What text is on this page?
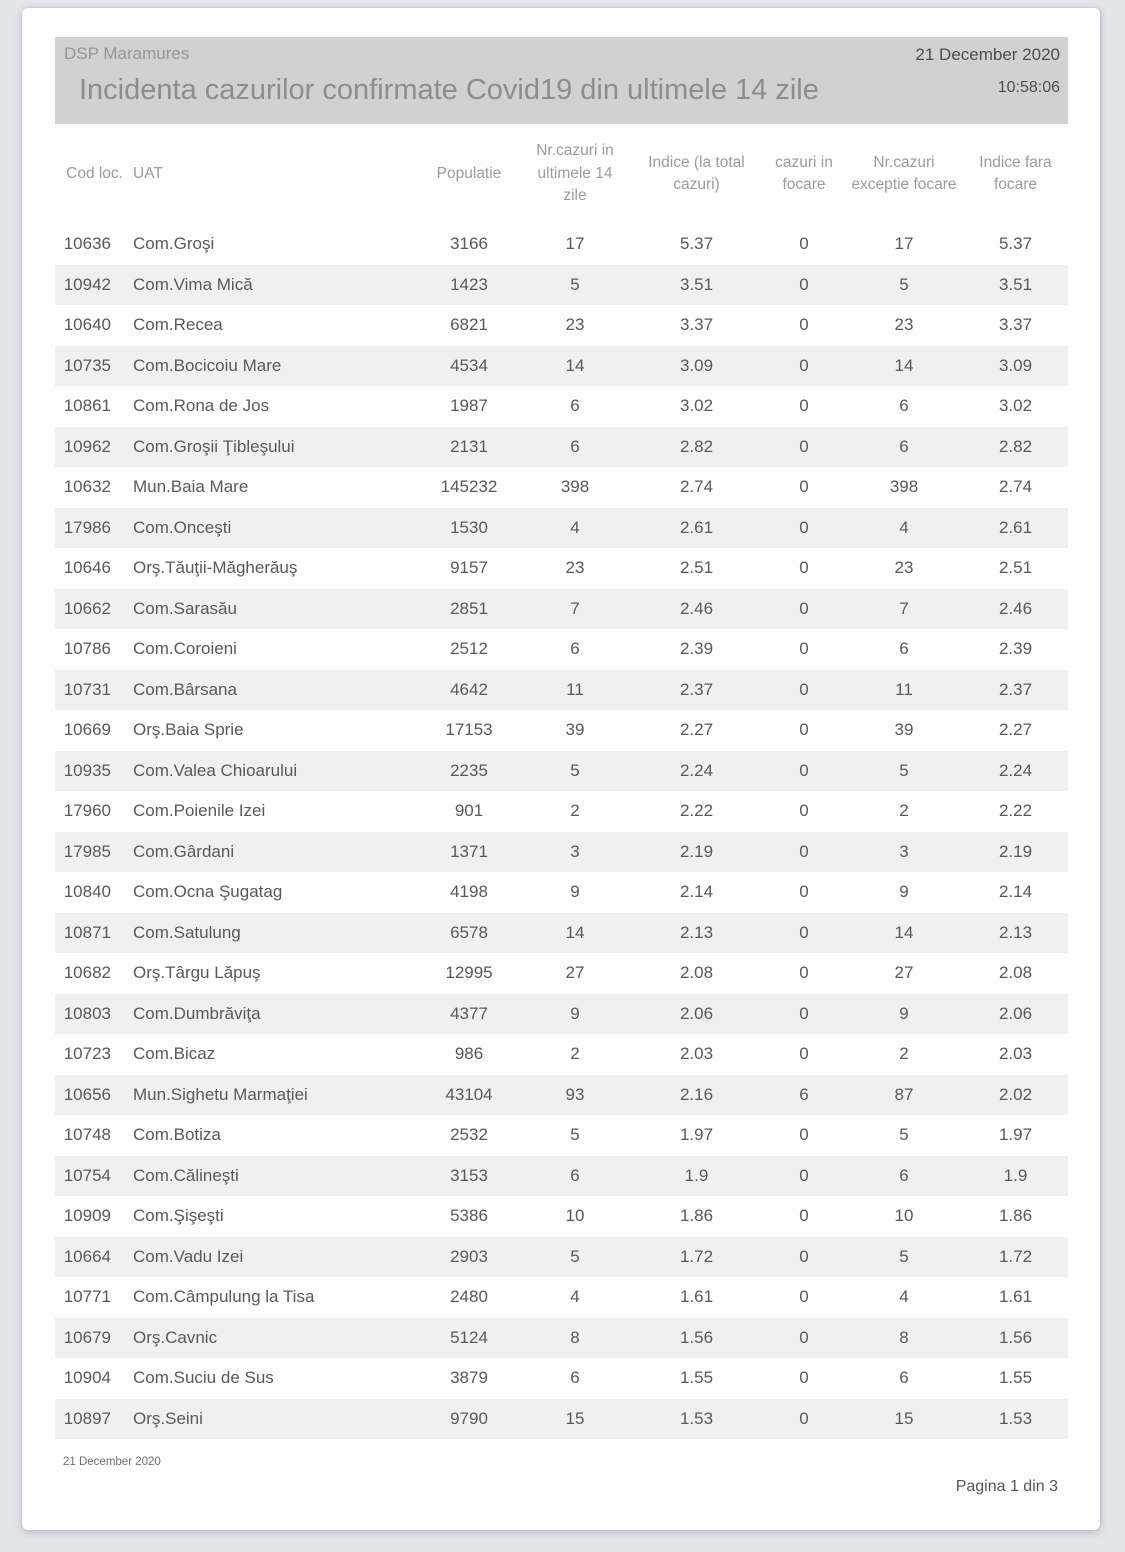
DSP Maramures
Incidenta cazurilor confirmate Covid19 din ultimele 14 zile
21 December 2020
10:58:06
Cod loc.	UAT	Populatie	Nr.cazuri in ultimele 14 zile	Indice (la total cazuri)	cazuri in focare	Nr.cazuri exceptie focare	Indice fara focare
10636	Com.Groşi	3166	17	5.37	0	17	5.37
10942	Com.Vima Mică	1423	5	3.51	0	5	3.51
10640	Com.Recea	6821	23	3.37	0	23	3.37
10735	Com.Bocicoiu Mare	4534	14	3.09	0	14	3.09
10861	Com.Rona de Jos	1987	6	3.02	0	6	3.02
10962	Com.Groşii Ţibleşului	2131	6	2.82	0	6	2.82
10632	Mun.Baia Mare	145232	398	2.74	0	398	2.74
17986	Com.Onceşti	1530	4	2.61	0	4	2.61
10646	Orş.Tăuţii-Măgherăuş	9157	23	2.51	0	23	2.51
10662	Com.Sarasău	2851	7	2.46	0	7	2.46
10786	Com.Coroieni	2512	6	2.39	0	6	2.39
10731	Com.Bârsana	4642	11	2.37	0	11	2.37
10669	Orş.Baia Sprie	17153	39	2.27	0	39	2.27
10935	Com.Valea Chioarului	2235	5	2.24	0	5	2.24
17960	Com.Poienile Izei	901	2	2.22	0	2	2.22
17985	Com.Gârdani	1371	3	2.19	0	3	2.19
10840	Com.Ocna Şugatag	4198	9	2.14	0	9	2.14
10871	Com.Satulung	6578	14	2.13	0	14	2.13
10682	Orş.Târgu Lăpuş	12995	27	2.08	0	27	2.08
10803	Com.Dumbrăviţa	4377	9	2.06	0	9	2.06
10723	Com.Bicaz	986	2	2.03	0	2	2.03
10656	Mun.Sighetu Marmaţiei	43104	93	2.16	6	87	2.02
10748	Com.Botiza	2532	5	1.97	0	5	1.97
10754	Com.Călineşti	3153	6	1.9	0	6	1.9
10909	Com.Şişeşti	5386	10	1.86	0	10	1.86
10664	Com.Vadu Izei	2903	5	1.72	0	5	1.72
10771	Com.Câmpulung la Tisa	2480	4	1.61	0	4	1.61
10679	Orş.Cavnic	5124	8	1.56	0	8	1.56
10904	Com.Suciu de Sus	3879	6	1.55	0	6	1.55
10897	Orş.Seini	9790	15	1.53	0	15	1.53
21 December 2020
Pagina 1 din 3
